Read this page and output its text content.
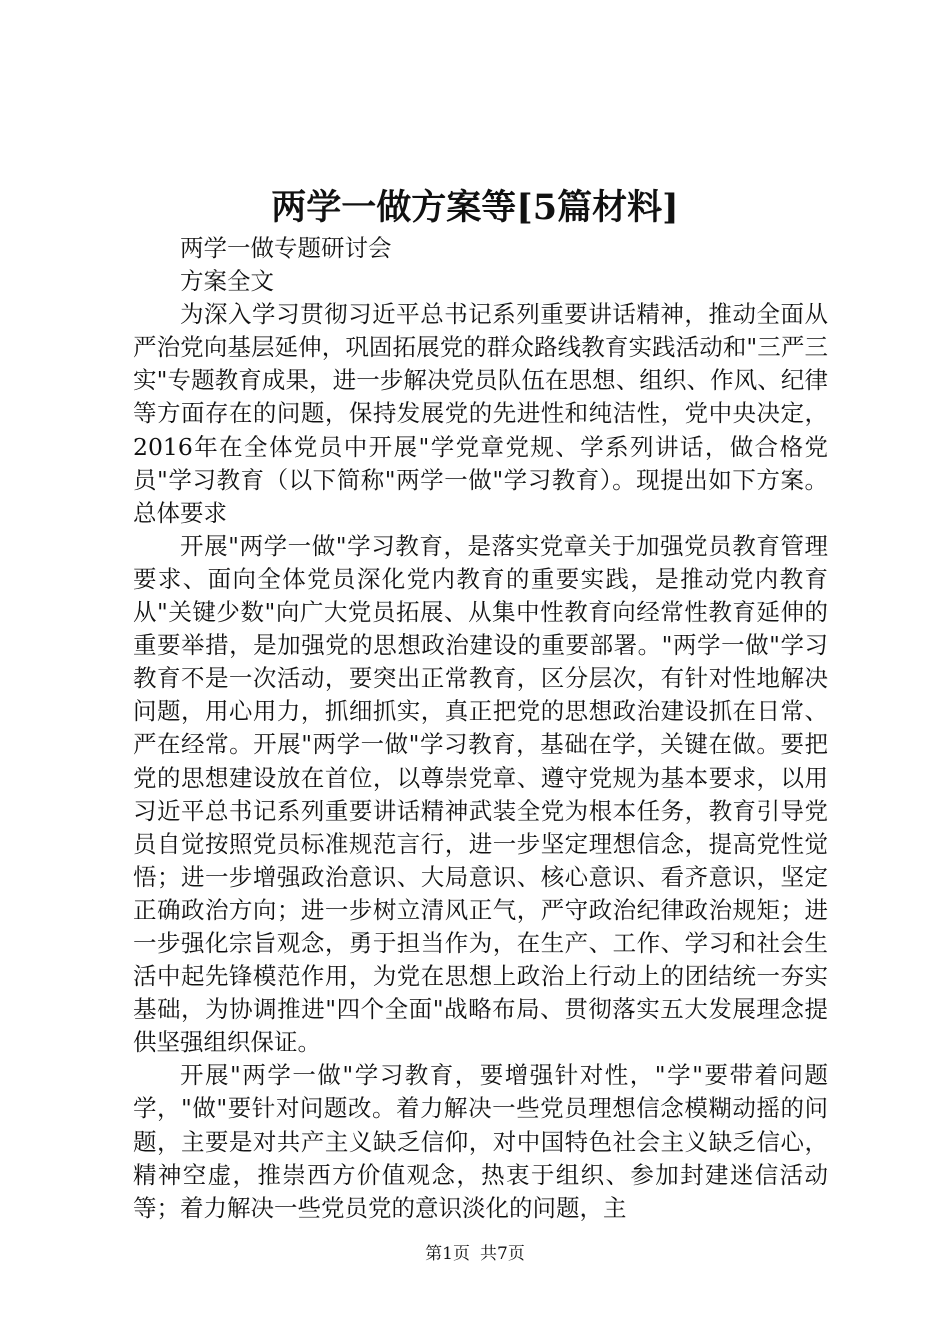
两学一做方案等[5篇材料]

两学一做专题研讨会

方案全文

为深入学习贯彻习近平总书记系列重要讲话精神，推动全面从严治党向基层延伸，巩固拓展党的群众路线教育实践活动和"三严三实"专题教育成果，进一步解决党员队伍在思想、组织、作风、纪律等方面存在的问题，保持发展党的先进性和纯洁性，党中央决定，2016年在全体党员中开展"学党章党规、学系列讲话，做合格党员"学习教育（以下简称"两学一做"学习教育）。现提出如下方案。总体要求

开展"两学一做"学习教育，是落实党章关于加强党员教育管理要求、面向全体党员深化党内教育的重要实践，是推动党内教育从"关键少数"向广大党员拓展、从集中性教育向经常性教育延伸的重要举措，是加强党的思想政治建设的重要部署。"两学一做"学习教育不是一次活动，要突出正常教育，区分层次，有针对性地解决问题，用心用力，抓细抓实，真正把党的思想政治建设抓在日常、严在经常。开展"两学一做"学习教育，基础在学，关键在做。要把党的思想建设放在首位，以尊崇党章、遵守党规为基本要求，以用习近平总书记系列重要讲话精神武装全党为根本任务，教育引导党员自觉按照党员标准规范言行，进一步坚定理想信念，提高党性觉悟；进一步增强政治意识、大局意识、核心意识、看齐意识，坚定正确政治方向；进一步树立清风正气，严守政治纪律政治规矩；进一步强化宗旨观念，勇于担当作为，在生产、工作、学习和社会生活中起先锋模范作用，为党在思想上政治上行动上的团结统一夯实基础，为协调推进"四个全面"战略布局、贯彻落实五大发展理念提供坚强组织保证。

开展"两学一做"学习教育，要增强针对性，"学"要带着问题学，"做"要针对问题改。着力解决一些党员理想信念模糊动摇的问题，主要是对共产主义缺乏信仰，对中国特色社会主义缺乏信心，精神空虚，推崇西方价值观念，热衷于组织、参加封建迷信活动等；着力解决一些党员党的意识淡化的问题，主

第1页 共7页
